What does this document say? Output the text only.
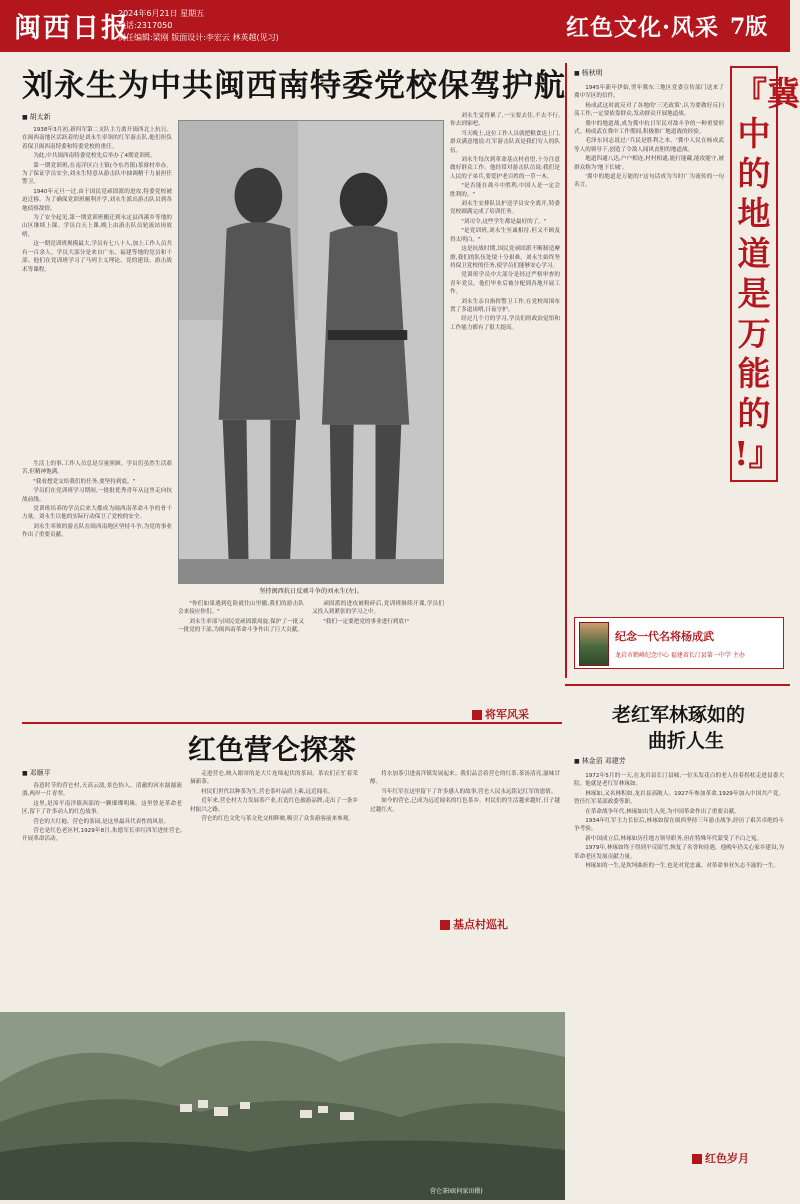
闽西日报
2024年6月21日 星期五
电话:2317050
责任编辑:梁刚 版面设计:李宏云 林英越(见习)	红色文化·风采 7版
刘永生为中共闽西南特委党校保驾护航
■ 胡太新

1938年3月初,新四军第二支队主力离开闽西北上抗日。在闽西南地区活跃着的是刘永生率领的红军游击队,他们担负着保卫闽西南特委和特委党校的重任。

为此,中共闽西南特委党校先后举办了4期党训班。

第一期党训班,在南洋区白土镇(今东肖镇)茶寮村举办。为了保证学员安全,刘永生特意从游击队中抽调精干力量担任警卫。

1940年元旦一过,由于国民党顽固派的进攻,特委党校被迫迁移。为了确保党训班顺利开学,刘永生派出游击队员到各地侦察敌情。

为了安全起见,第一期党训班搬迁到永定县西溪乡等地的山区继续上课。学员白天上课,晚上由游击队员轮流站岗放哨。

这一期党训班规模最大,学员有七八十人,加上工作人员共有一百余人。学员大部分是来自广东、福建等地的党员和干部。他们在党训班学习了马列主义理论、党的建设、游击战术等课程。

生活上的事,工作人员总是尽量照顾。学员们虽然生活艰苦,但精神饱满。

"我看想党交给我们的任务,要坚持到底。"

学员们在党训班学习期间,一批批优秀青年从这里走向抗战前线。

党训班培养的学员后来大都成为闽西南革命斗争的骨干力量。刘永生以他的实际行动保卫了党校的安全。

刘永生率领的游击队在闽西南地区坚持斗争,为党的事业作出了重要贡献。

坚持闽西抗日反顽斗争的刘永生(左)。

"你们如果遇到危险就往山里撤,我们的游击队会来接应你们。"

刘永生率部与国民党顽固派周旋,保护了一批又一批党的干部,为闽西南革命斗争作出了巨大贡献。

顽固派的进攻被粉碎后,党训班继续开课,学员们又投入到紧张的学习之中。

"我们一定要把党的事业进行到底!"

刘永生觉得累了,一宝要去住,不去不行,你去到家吧。

当天晚上,这位工作人员就把粮食送上门,群众满意地说:红军游击队真是我们穷人的队伍。

刘永生每次到革命基点村看望,十分注意做好群众工作。他经常对游击队员说:我们是人民的子弟兵,要爱护老百姓的一草一木。

"是否能在战斗中胜利,中国人是一定会胜利的。"

刘永生安排队员护送学员安全离开,特委党校圆满完成了培训任务。

"刘司令,这些学生都是最好的了。"

"是党训班,刘永生至诚相待,但又不顾及得太明白。"

这是抗战时期,国民党顽固派不断制造摩擦,我们的队伍处境十分艰难。刘永生始终坚持保卫党校的任务,使学员们能够安心学习。

党训班学员中大部分是经过严格审查的青年党员。他们毕业后被分配到各地开展工作。

刘永生亲自指挥警卫工作,在党校周围布置了多道岗哨,日夜守护。

经过几个月的学习,学员们的政治觉悟和工作能力都有了很大提高。

将军风采
红色营仑探茶
■ 邓顺平

春意时节的营仑村,天高云淡,景色怡人。清澈的河水潺潺流淌,两岸一片青翠。

这里,是漳平南洋镇西部的一颗璀璨明珠。这里曾是革命老区,留下了许多动人的红色故事。

营仑的大红袍、营仑的茶园,是这里最具代表性的风景。

营仑是红色老区村,1929年8月,朱德军长率红四军进驻营仑,开展革命活动。

走进营仑,映入眼帘的是大片连绵起伏的茶园。茶农们正忙着采摘新茶。

村民们世代以种茶为生,营仑茶叶品质上乘,远近闻名。

近年来,营仑村大力发展茶产业,打造红色旅游品牌,走出了一条乡村振兴之路。

营仑的红色文化与茶文化交相辉映,吸引了众多游客前来参观。

将水加茶引进南洋镇发展起来。我们品尝着营仑的红茶,茶汤清亮,滋味甘醇。

当年红军在这里留下了许多感人的故事,营仑人民永远铭记红军的恩情。

如今的营仑,已成为远近闻名的红色茶乡。村民们的生活越来越好,日子越过越红火。

基点村巡礼
营仑茶园(何家田摄)
■ 杨秋明

1945年新年伊始,翌年冀东三地区党委宣传部门送来了冀中军区的信件。

杨成武这时就反对了各地的'三光政策',认为要做好反扫荡工作,一定要依靠群众,发动群众开展地道战。

冀中的地道战,成为冀中抗日军民对敌斗争的一种重要形式。杨成武在冀中工作期间,积极推广地道战的经验。

毛泽东同志说过:'兵民是胜利之本。'冀中人民在杨成武等人的领导下,创造了令敌人闻风丧胆的地道战。

地道四通八达,户户相连,村村相通,能打能藏,能攻能守,被群众称为'地下长城'。

'冀中的地道是万能的!'这句话成为当时广为流传的一句名言。

『冀
中
的
地
道
是
万
能
的
!』
纪念一代名将杨成武
龙岩市鹤峰纪念中心 福建省长汀县第一中学 主办
老红军林琢如的
曲折人生
■ 林金滔 邓建芳

1972年5月的一天,在龙岩县长汀县城,一位头发花白的老人拄着拐杖走进县委大院。他就是老红军林琢如。

林琢如,又名林积如,龙岩县高陂人。1927年参加革命,1929年加入中国共产党。曾任红军某部政委等职。

在革命战争年代,林琢如出生入死,为中国革命作出了重要贡献。

1934年红军主力长征后,林琢如留在闽西坚持三年游击战争,经历了艰苦卓绝的斗争考验。

新中国成立后,林琢如历任地方领导职务,但在特殊年代蒙受了不白之冤。

1979年,林琢如终于得到平反昭雪,恢复了名誉和待遇。他晚年仍关心家乡建设,为革命老区发展贡献力量。

林琢如的一生,是坎坷曲折的一生,也是对党忠诚、对革命事业矢志不渝的一生。

红色岁月
